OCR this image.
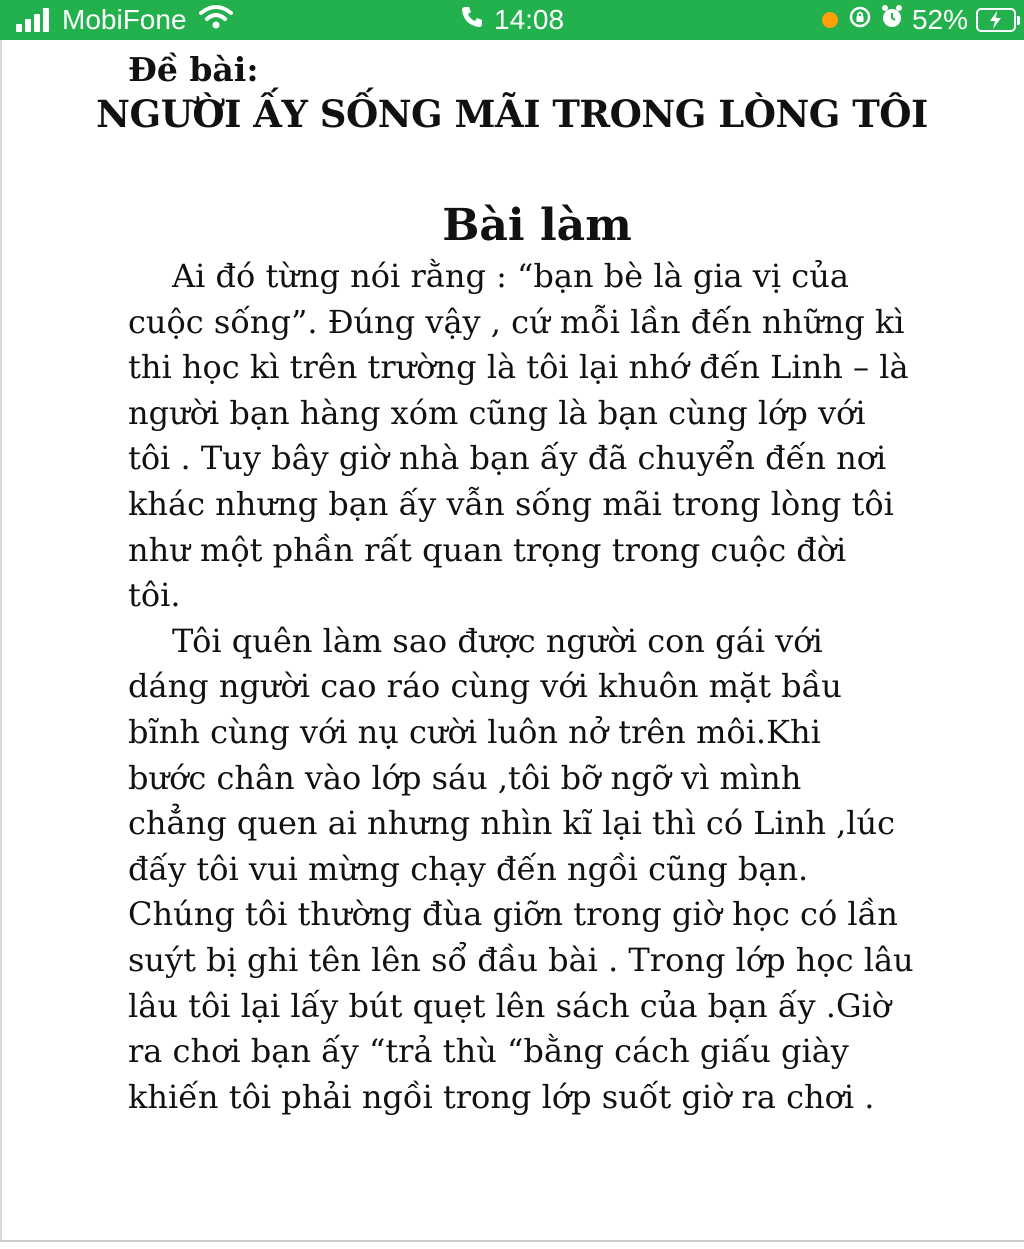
MobiFone	14:08	52%
Đề bài:
NGƯỜI ẤY SỐNG MÃI TRONG LÒNG TÔI
Bài làm

Ai đó từng nói rằng : “bạn bè là gia vị của
cuộc sống”. Đúng vậy , cứ mỗi lần đến những kì
thi học kì trên trường là tôi lại nhớ đến Linh – là
người bạn hàng xóm cũng là bạn cùng lớp với
tôi . Tuy bây giờ nhà bạn ấy đã chuyển đến nơi
khác nhưng bạn ấy vẫn sống mãi trong lòng tôi
như một phần rất quan trọng trong cuộc đời
tôi.

Tôi quên làm sao được người con gái với
dáng người cao ráo cùng với khuôn mặt bầu
bĩnh cùng với nụ cười luôn nở trên môi.Khi
bước chân vào lớp sáu ,tôi bỡ ngỡ vì mình
chẳng quen ai nhưng nhìn kĩ lại thì có Linh ,lúc
đấy tôi vui mừng chạy đến ngồi cũng bạn.
Chúng tôi thường đùa giỡn trong giờ học có lần
suýt bị ghi tên lên sổ đầu bài . Trong lớp học lâu
lâu tôi lại lấy bút quẹt lên sách của bạn ấy .Giờ
ra chơi bạn ấy “trả thù “bằng cách giấu giày
khiến tôi phải ngồi trong lớp suốt giờ ra chơi .
